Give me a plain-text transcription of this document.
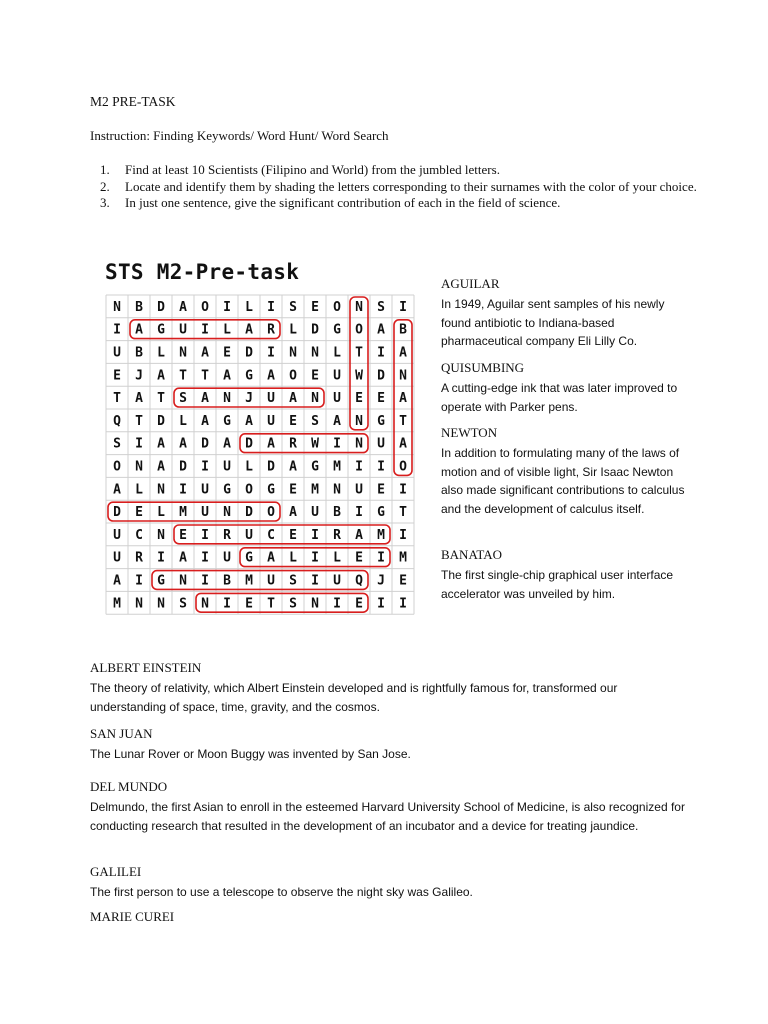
M2 PRE-TASK
Instruction: Finding Keywords/ Word Hunt/ Word Search
1. Find at least 10 Scientists (Filipino and World) from the jumbled letters.
2. Locate and identify them by shading the letters corresponding to their surnames with the color of your choice.
3. In just one sentence, give the significant contribution of each in the field of science.
STS M2-Pre-task
N B D A O I L I S E O N S I
I A G U I L A R L D G O A B
U B L N A E D I N N L T I A
E J A T T A G A O E U W D N
T A T S A N J U A N U E E A
Q T D L A G A U E S A N G T
S I A A D A D A R W I N U A
O N A D I U L D A G M I I O
A L N I U G O G E M N U E I
D E L M U N D O A U B I G T
U C N E I R U C E I R A M I
U R I A I U G A L I L E I M
A I G N I B M U S I U Q J E
M N N S N I E T S N I E I I
AGUILAR
In 1949, Aguilar sent samples of his newly found antibiotic to Indiana-based pharmaceutical company Eli Lilly Co.
QUISUMBING
A cutting-edge ink that was later improved to operate with Parker pens.
NEWTON
In addition to formulating many of the laws of motion and of visible light, Sir Isaac Newton also made significant contributions to calculus and the development of calculus itself.
BANATAO
The first single-chip graphical user interface accelerator was unveiled by him.
ALBERT EINSTEIN
The theory of relativity, which Albert Einstein developed and is rightfully famous for, transformed our understanding of space, time, gravity, and the cosmos.
SAN JUAN
The Lunar Rover or Moon Buggy was invented by San Jose.
DEL MUNDO
Delmundo, the first Asian to enroll in the esteemed Harvard University School of Medicine, is also recognized for conducting research that resulted in the development of an incubator and a device for treating jaundice.
GALILEI
The first person to use a telescope to observe the night sky was Galileo.
MARIE CUREI
